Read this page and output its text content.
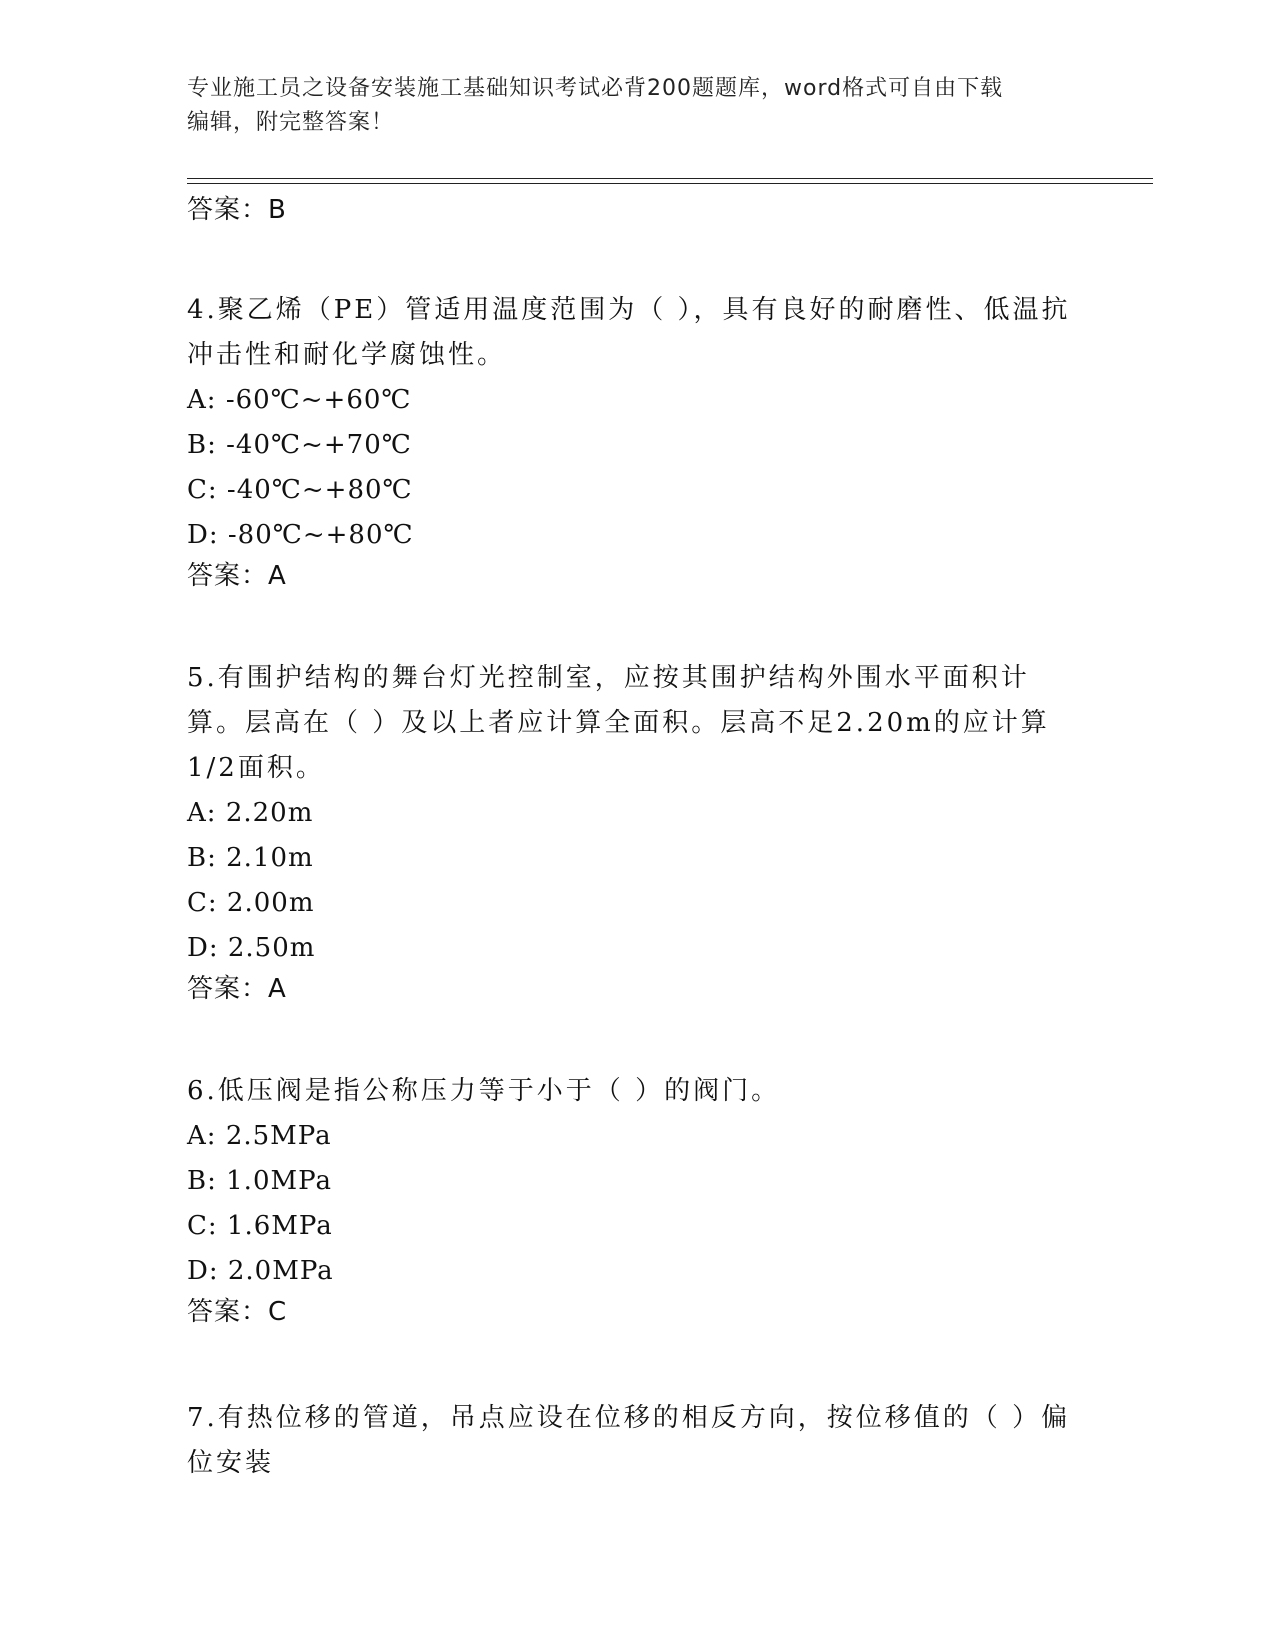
专业施工员之设备安装施工基础知识考试必背200题题库，word格式可自由下载
编辑，附完整答案！
答案：B

4.聚乙烯（PE）管适用温度范围为（ ），具有良好的耐磨性、低温抗冲击性和耐化学腐蚀性。

A: -60℃~+60℃
B: -40℃~+70℃
C: -40℃~+80℃
D: -80℃~+80℃
答案：A

5.有围护结构的舞台灯光控制室，应按其围护结构外围水平面积计算。层高在（ ）及以上者应计算全面积。层高不足2.20m的应计算1/2面积。

A: 2.20m
B: 2.10m
C: 2.00m
D: 2.50m
答案：A

6.低压阀是指公称压力等于小于（ ）的阀门。

A: 2.5MPa
B: 1.0MPa
C: 1.6MPa
D: 2.0MPa
答案：C

7.有热位移的管道，吊点应设在位移的相反方向，按位移值的（ ）偏位安装
